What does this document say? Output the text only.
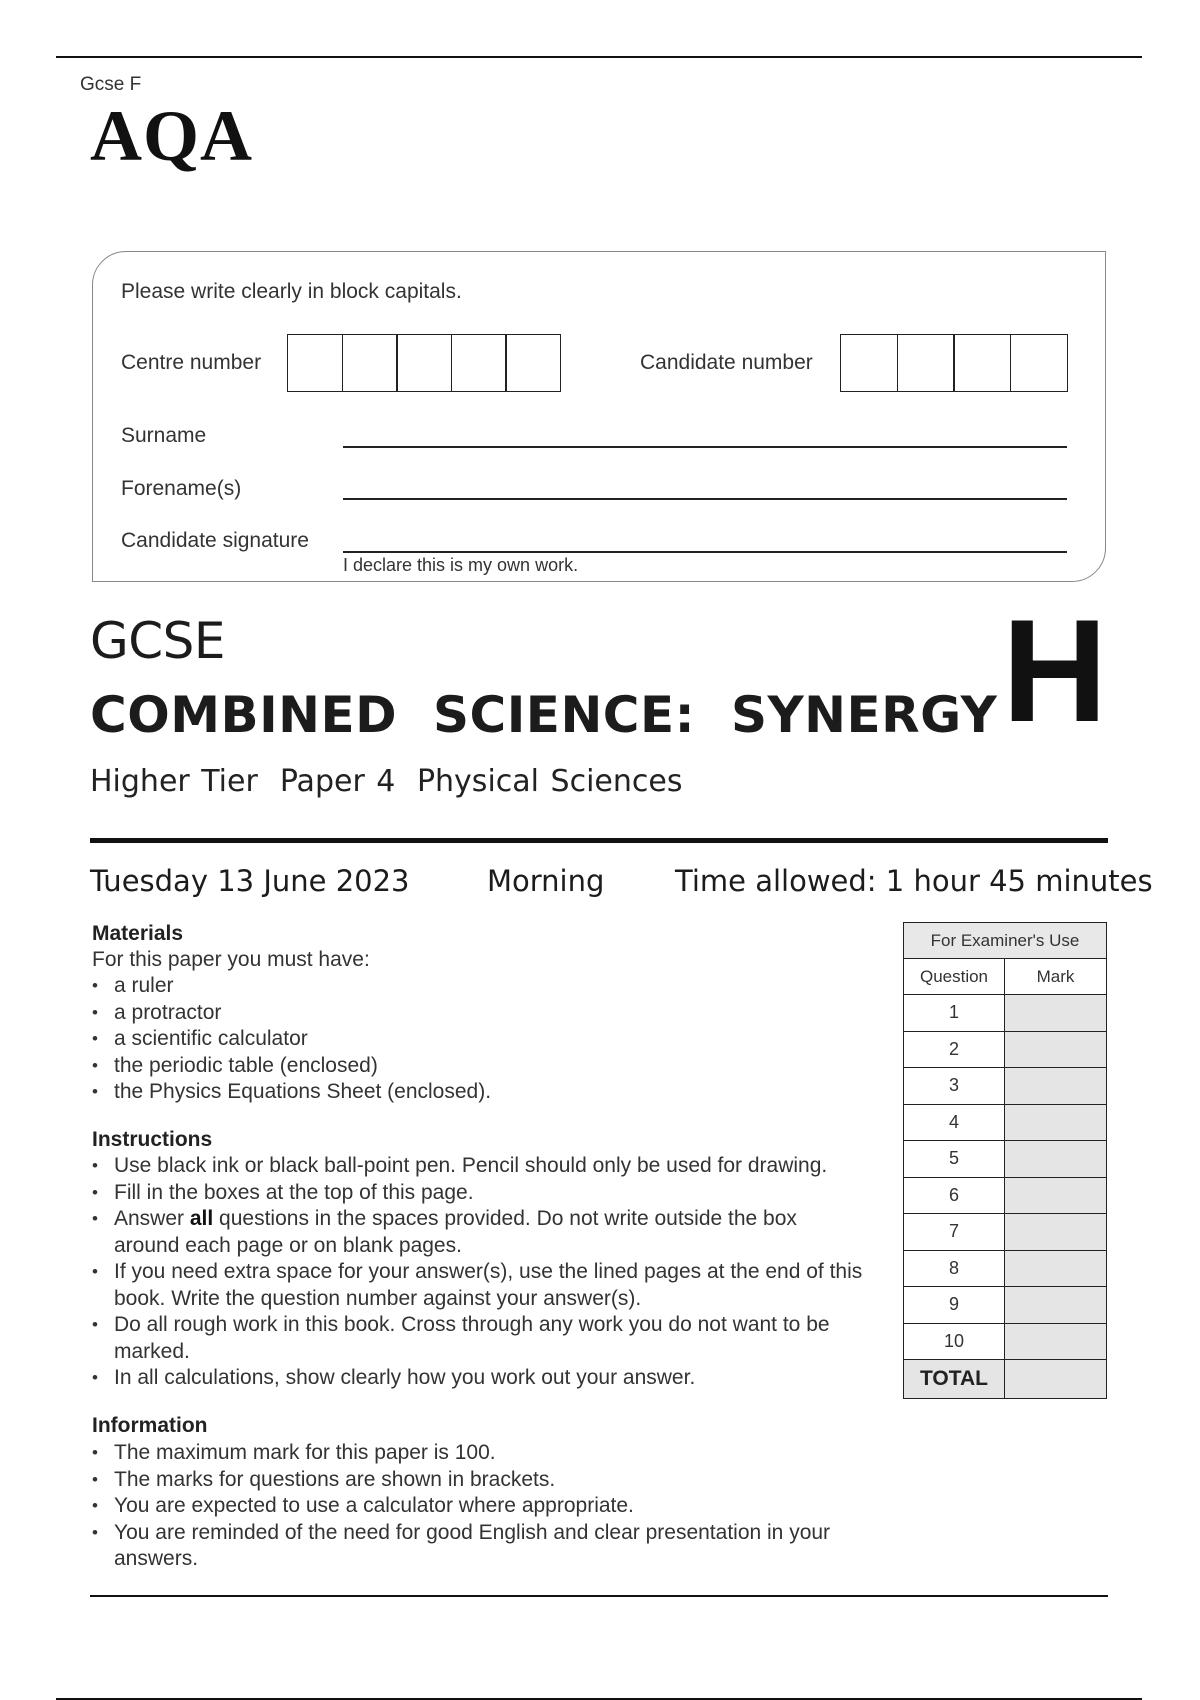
Gcse F
AQA
Please write clearly in block capitals.
Centre number	Candidate number
Surname
Forename(s)
Candidate signature
I declare this is my own work.
GCSE
COMBINED  SCIENCE:  SYNERGY
Higher Tier Paper 4 Physical Sciences
H
Tuesday 13 June 2023	Morning Time allowed: 1 hour 45 minutes
Materials
For this paper you must have:
• a ruler
• a protractor
• a scientific calculator
• the periodic table (enclosed)
• the Physics Equations Sheet (enclosed).
Instructions
• Use black ink or black ball-point pen. Pencil should only be used for drawing.
• Fill in the boxes at the top of this page.
• Answer all questions in the spaces provided. Do not write outside the box around each page or on blank pages.
• If you need extra space for your answer(s), use the lined pages at the end of this book. Write the question number against your answer(s).
• Do all rough work in this book. Cross through any work you do not want to be marked.
• In all calculations, show clearly how you work out your answer.
Information
• The maximum mark for this paper is 100.
• The marks for questions are shown in brackets.
• You are expected to use a calculator where appropriate.
• You are reminded of the need for good English and clear presentation in your answers.
For Examiner's Use	
Question	Mark
1	
2	
3	
4	
5	
6	
7	
8	
9	
10	
TOTAL	
